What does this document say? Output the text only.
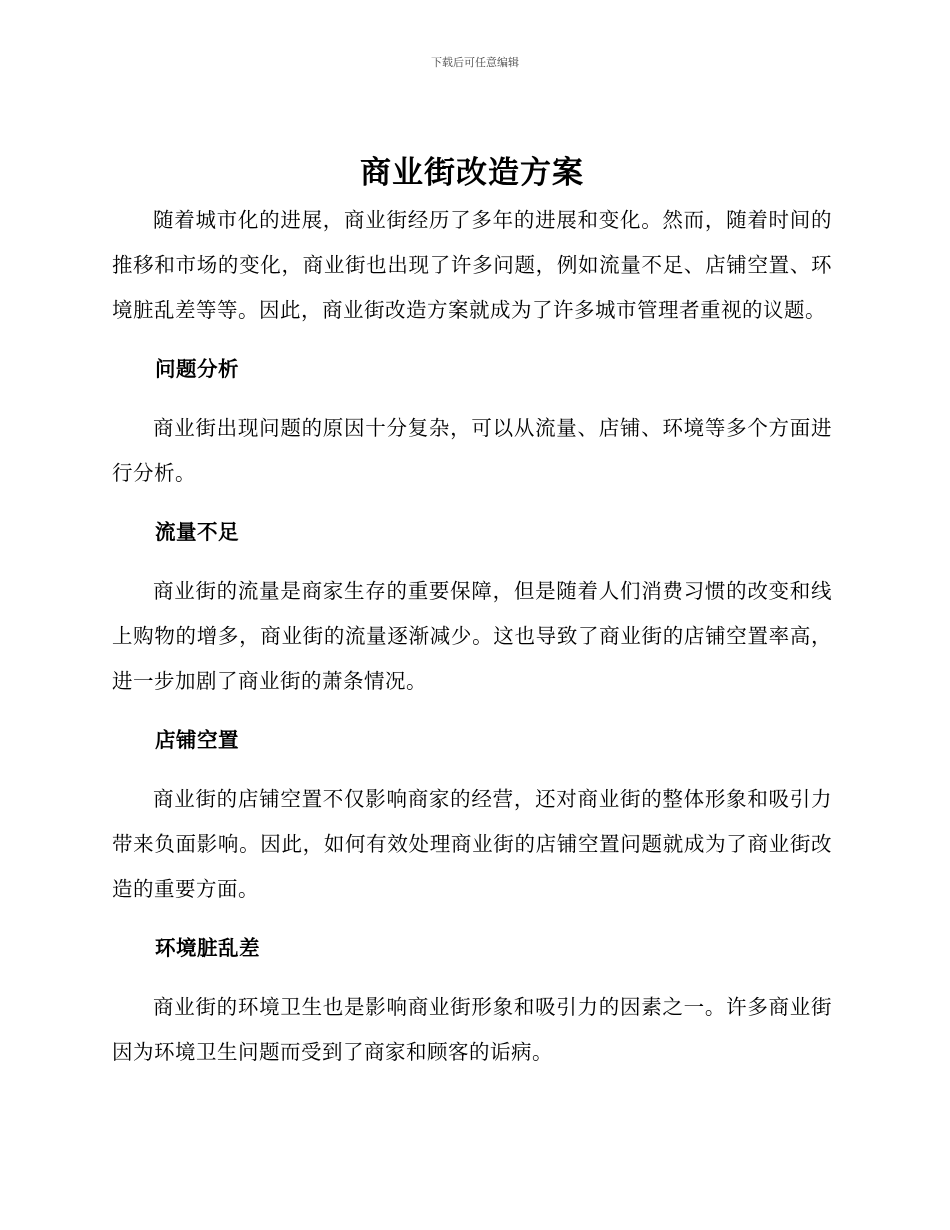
下载后可任意编辑
商业街改造方案

随着城市化的进展，商业街经历了多年的进展和变化。然而，随着时间的推移和市场的变化，商业街也出现了许多问题，例如流量不足、店铺空置、环境脏乱差等等。因此，商业街改造方案就成为了许多城市管理者重视的议题。

问题分析

商业街出现问题的原因十分复杂，可以从流量、店铺、环境等多个方面进行分析。

流量不足

商业街的流量是商家生存的重要保障，但是随着人们消费习惯的改变和线上购物的增多，商业街的流量逐渐减少。这也导致了商业街的店铺空置率高，进一步加剧了商业街的萧条情况。

店铺空置

商业街的店铺空置不仅影响商家的经营，还对商业街的整体形象和吸引力带来负面影响。因此，如何有效处理商业街的店铺空置问题就成为了商业街改造的重要方面。

环境脏乱差

商业街的环境卫生也是影响商业街形象和吸引力的因素之一。许多商业街因为环境卫生问题而受到了商家和顾客的诟病。
